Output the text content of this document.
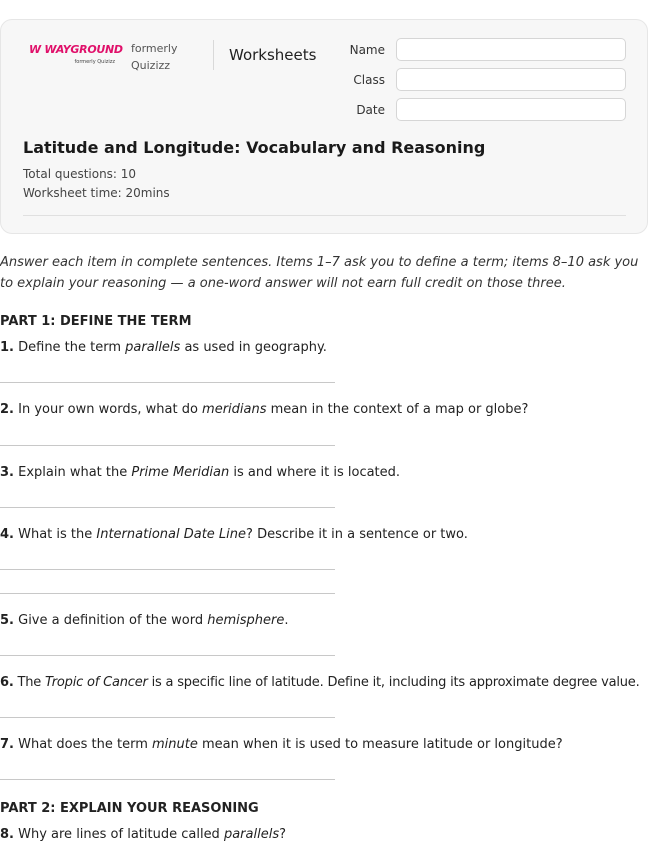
𝙒 WAYGROUND
formerly Quizizz
formerly
Quizizz
Worksheets	Name
Class
Date
Latitude and Longitude: Vocabulary and Reasoning
Total questions: 10
Worksheet time: 20mins
Answer each item in complete sentences. Items 1–7 ask you to define a term; items 8–10 ask you to explain your reasoning — a one-word answer will not earn full credit on those three.
PART 1: DEFINE THE TERM
1. Define the term parallels as used in geography.
2. In your own words, what do meridians mean in the context of a map or globe?
3. Explain what the Prime Meridian is and where it is located.
4. What is the International Date Line? Describe it in a sentence or two.
5. Give a definition of the word hemisphere.
6. The Tropic of Cancer is a specific line of latitude. Define it, including its approximate degree value.
7. What does the term minute mean when it is used to measure latitude or longitude?
PART 2: EXPLAIN YOUR REASONING
8. Why are lines of latitude called parallels?
